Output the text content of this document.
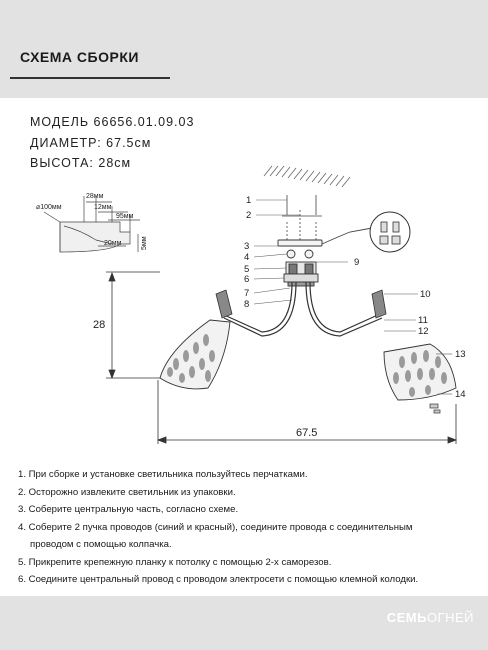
СХЕМА СБОРКИ
МОДЕЛЬ 66656.01.09.03
ДИАМЕТР: 67.5см
ВЫСОТА: 28см
1
2
3
4
5
6
7
8
9
10
11
12
13
14
28
67.5
⌀100мм
28мм
12мм
95мм
20мм	5мм
1. При сборке и установке светильника пользуйтесь перчатками.
2. Осторожно извлеките светильник из упаковки.
3. Соберите центральную часть, согласно схеме.
4. Соберите 2 пучка проводов (синий и красный), соедините провода с соединительным
проводом с помощью колпачка.
5. Прикрепите крепежную планку к потолку с помощью 2-х саморезов.
6. Соедините центральный провод с проводом электросети с помощью клемной колодки.
СЕМЬОГНЕЙ
